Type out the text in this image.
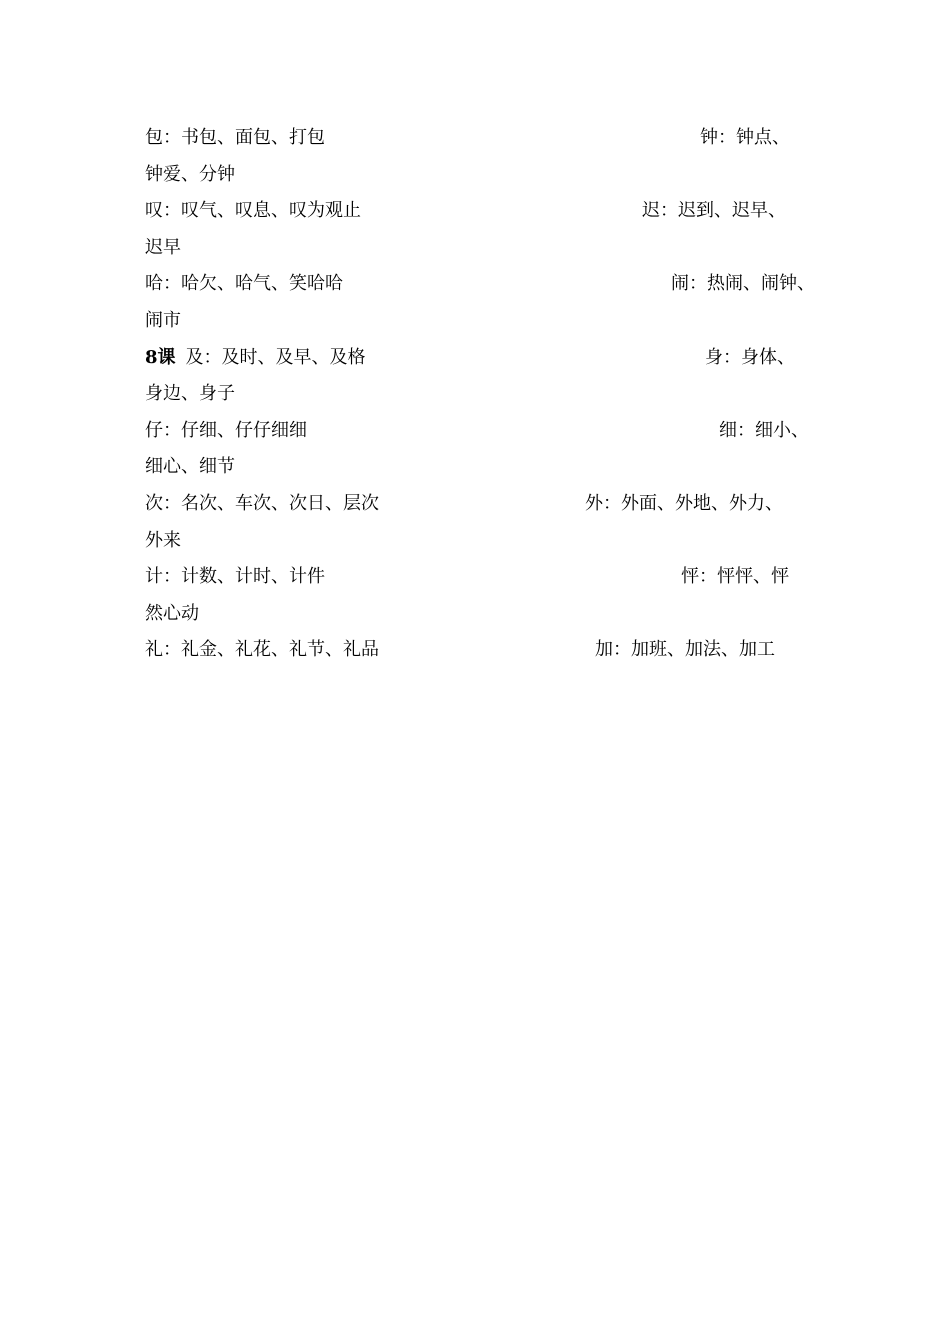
包：书包、面包、打包	钟：钟点、
钟爱、分钟
叹：叹气、叹息、叹为观止	迟：迟到、迟早、
迟早
哈：哈欠、哈气、笑哈哈	闹：热闹、闹钟、
闹市
8课 及：及时、及早、及格	身：身体、
身边、身子
仔：仔细、仔仔细细	细：细小、
细心、细节
次：名次、车次、次日、层次	外：外面、外地、外力、
外来
计：计数、计时、计件	怦：怦怦、怦
然心动
礼：礼金、礼花、礼节、礼品	加：加班、加法、加工
